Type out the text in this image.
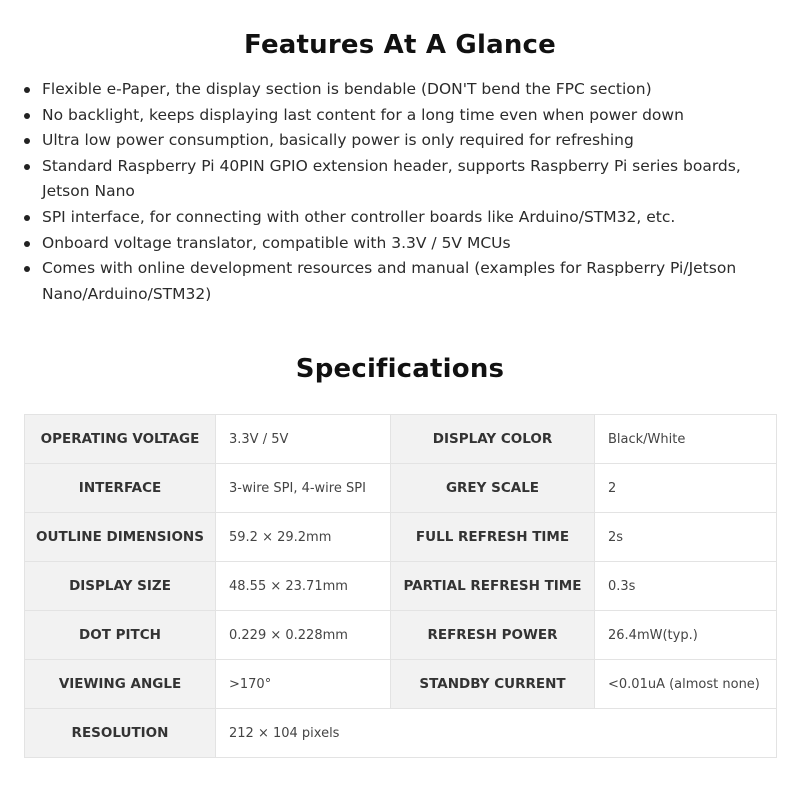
Features At A Glance
Flexible e-Paper, the display section is bendable (DON'T bend the FPC section)
No backlight, keeps displaying last content for a long time even when power down
Ultra low power consumption, basically power is only required for refreshing
Standard Raspberry Pi 40PIN GPIO extension header, supports Raspberry Pi series boards, Jetson Nano
SPI interface, for connecting with other controller boards like Arduino/STM32, etc.
Onboard voltage translator, compatible with 3.3V / 5V MCUs
Comes with online development resources and manual (examples for Raspberry Pi/Jetson Nano/Arduino/STM32)
Specifications
OPERATING VOLTAGE	3.3V / 5V	DISPLAY COLOR	Black/White
INTERFACE	3-wire SPI, 4-wire SPI	GREY SCALE	2
OUTLINE DIMENSIONS	59.2 × 29.2mm	FULL REFRESH TIME	2s
DISPLAY SIZE	48.55 × 23.71mm	PARTIAL REFRESH TIME	0.3s
DOT PITCH	0.229 × 0.228mm	REFRESH POWER	26.4mW(typ.)
VIEWING ANGLE	>170°	STANDBY CURRENT	<0.01uA (almost none)
RESOLUTION	212 × 104 pixels		
